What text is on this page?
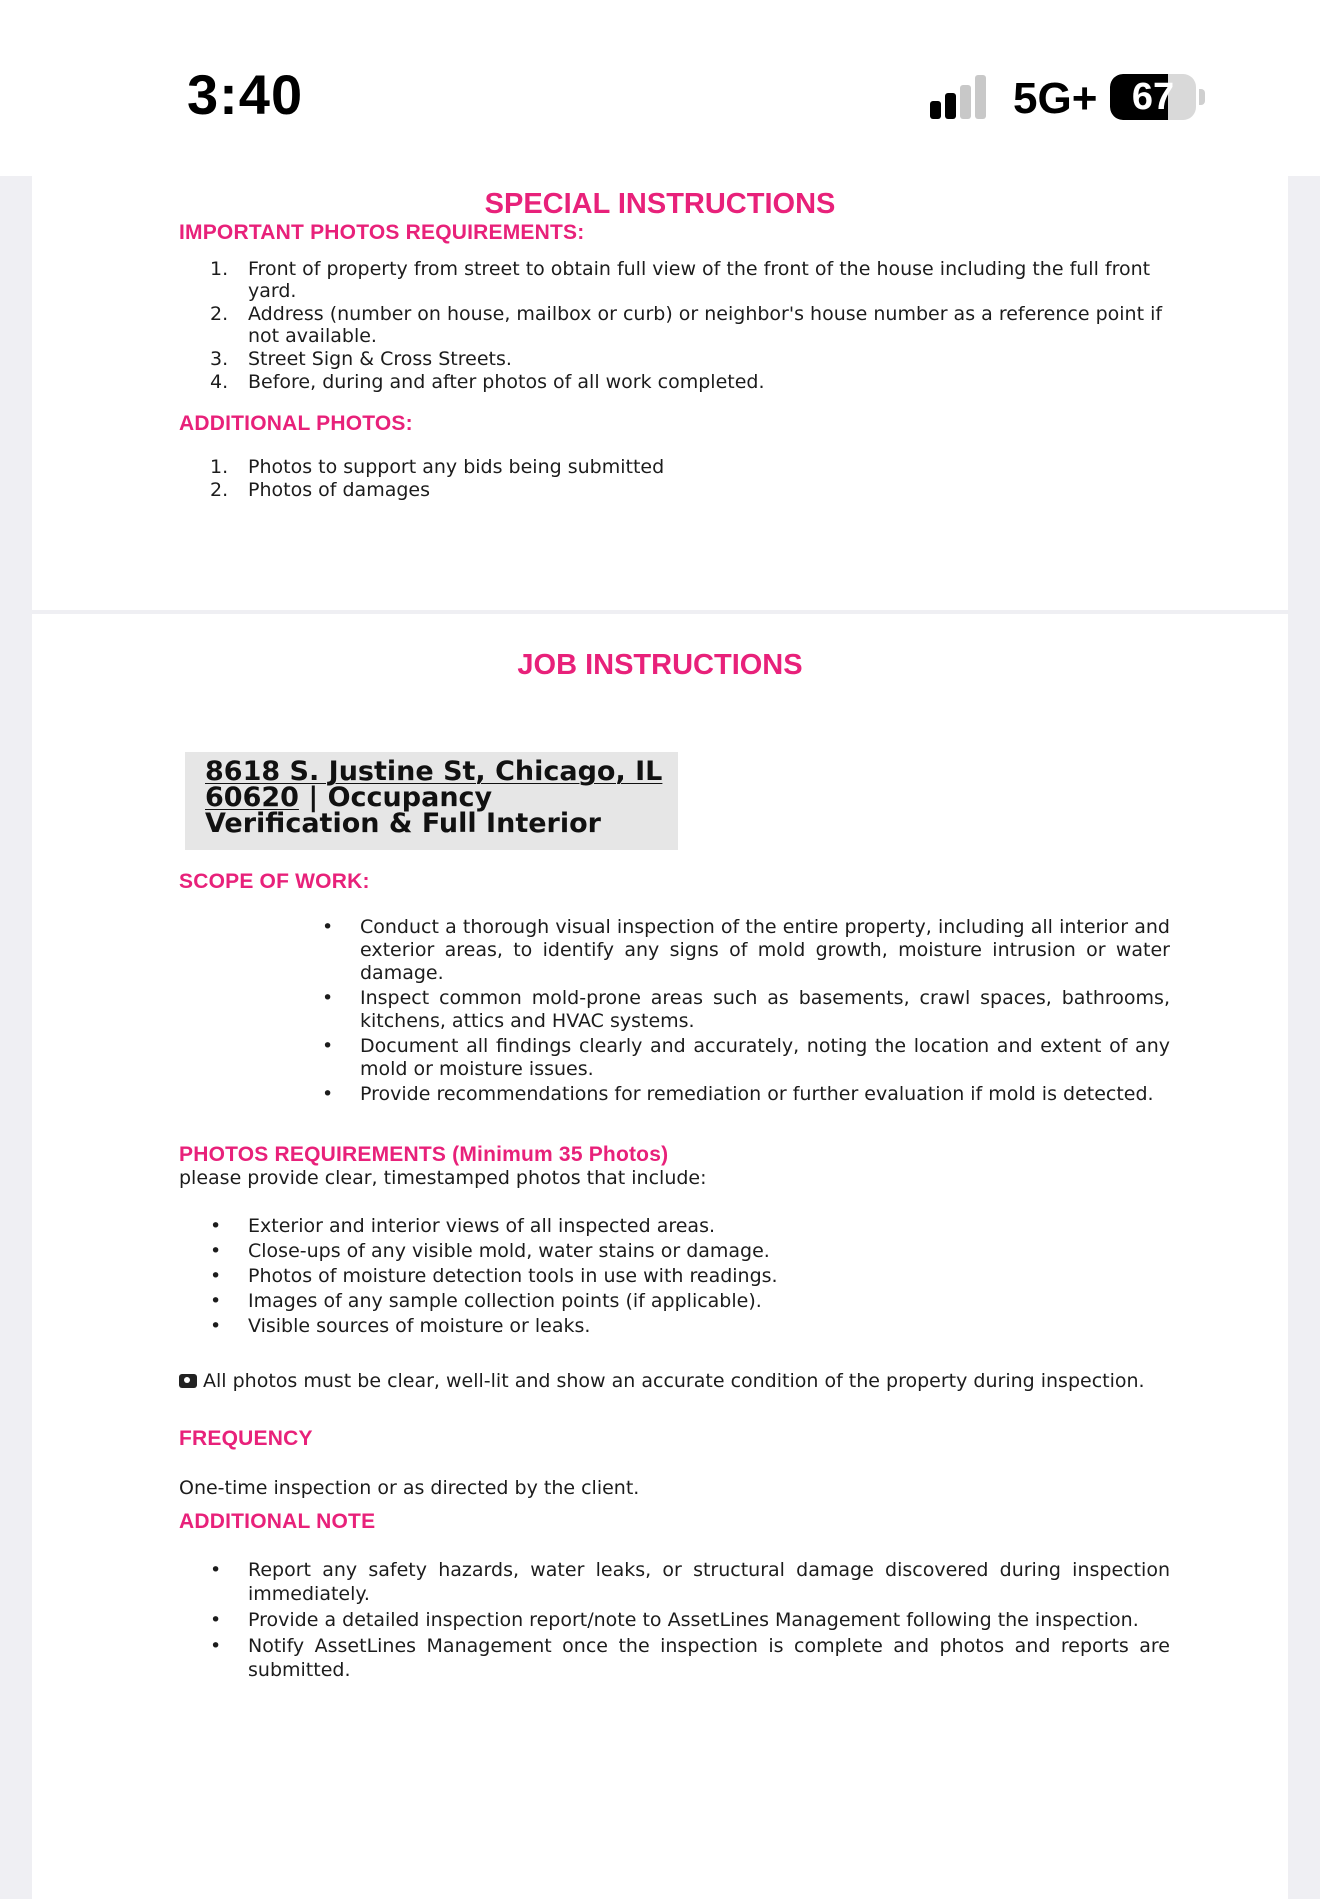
3:40	5G+ 67
SPECIAL INSTRUCTIONS
IMPORTANT PHOTOS REQUIREMENTS:
1. Front of property from street to obtain full view of the front of the house including the full front yard.
2. Address (number on house, mailbox or curb) or neighbor's house number as a reference point if not available.
3. Street Sign & Cross Streets.
4. Before, during and after photos of all work completed.
ADDITIONAL PHOTOS:
1. Photos to support any bids being submitted
2. Photos of damages
JOB INSTRUCTIONS
8618 S. Justine St, Chicago, IL
60620 | Occupancy
Verification & Full Interior
SCOPE OF WORK:
• Conduct a thorough visual inspection of the entire property, including all interior and exterior areas, to identify any signs of mold growth, moisture intrusion or water damage.
• Inspect common mold-prone areas such as basements, crawl spaces, bathrooms, kitchens, attics and HVAC systems.
• Document all findings clearly and accurately, noting the location and extent of any mold or moisture issues.
• Provide recommendations for remediation or further evaluation if mold is detected.
PHOTOS REQUIREMENTS (Minimum 35 Photos)
please provide clear, timestamped photos that include:
• Exterior and interior views of all inspected areas.
• Close-ups of any visible mold, water stains or damage.
• Photos of moisture detection tools in use with readings.
• Images of any sample collection points (if applicable).
• Visible sources of moisture or leaks.
All photos must be clear, well-lit and show an accurate condition of the property during inspection.
FREQUENCY
One-time inspection or as directed by the client.
ADDITIONAL NOTE
• Report any safety hazards, water leaks, or structural damage discovered during inspection immediately.
• Provide a detailed inspection report/note to AssetLines Management following the inspection.
• Notify AssetLines Management once the inspection is complete and photos and reports are submitted.
